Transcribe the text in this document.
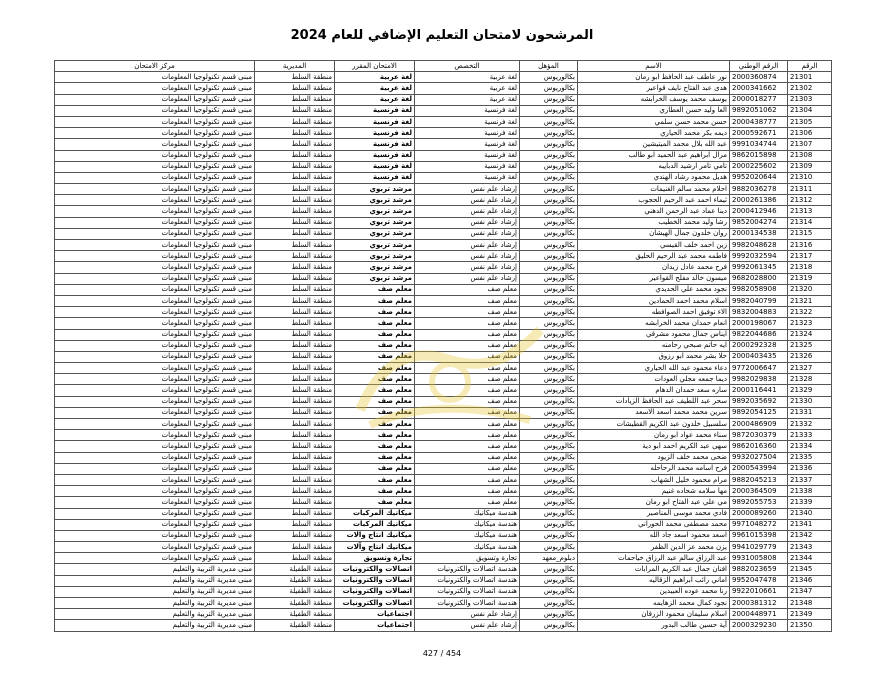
المرشحون لامتحان التعليم الإضافي للعام 2024
الرقم	الرقم الوطني	الاسم	المؤهل	التخصص	الامتحان المقرر	المديرية	مركز الامتحان
21301	2000360874	نور عاطف عبد الحافظ ابو رمان	بكالوريوس	لغة عربية	لغة عربية	منطقة السلط	مبنى قسم تكنولوجيا المعلومات
21302	2000341662	هدى عبد الفتاح نايف قواعير	بكالوريوس	لغة عربية	لغة عربية	منطقة السلط	مبنى قسم تكنولوجيا المعلومات
21303	2000018277	يوسف محمد يوسف الخرابشه	بكالوريوس	لغة عربية	لغة عربية	منطقة السلط	مبنى قسم تكنولوجيا المعلومات
21304	9892051062	العا وليد حسن العطاري	بكالوريوس	لغة فرنسية	لغة فرنسية	منطقة السلط	مبنى قسم تكنولوجيا المعلومات
21305	2000438777	حسن محمد حسن سلمي	بكالوريوس	لغة فرنسية	لغة فرنسية	منطقة السلط	مبنى قسم تكنولوجيا المعلومات
21306	2000592671	ديمه بكر محمد الحياري	بكالوريوس	لغة فرنسية	لغة فرنسية	منطقة السلط	مبنى قسم تكنولوجيا المعلومات
21307	9991034744	عبد الله بلال محمد الميتيشين	بكالوريوس	لغة فرنسية	لغة فرنسية	منطقة السلط	مبنى قسم تكنولوجيا المعلومات
21308	9862015898	مرال ابراهيم عبد الحميد ابو طالب	بكالوريوس	لغة فرنسية	لغة فرنسية	منطقة السلط	مبنى قسم تكنولوجيا المعلومات
21309	2000225602	تامي تامر ارشيد الدبايبه	بكالوريوس	لغة فرنسية	لغة فرنسية	منطقة السلط	مبنى قسم تكنولوجيا المعلومات
21310	9952020644	هديل محمود رشاد الهندي	بكالوريوس	لغة فرنسية	لغة فرنسية	منطقة السلط	مبنى قسم تكنولوجيا المعلومات
21311	9882036278	احلام محمد سالم الغنيمات	بكالوريوس	إرشاد علم نفس	مرشد تربوي	منطقة السلط	مبنى قسم تكنولوجيا المعلومات
21312	2000261386	ثيماء احمد عبد الرحيم الحجوب	بكالوريوس	إرشاد علم نفس	مرشد تربوي	منطقة السلط	مبنى قسم تكنولوجيا المعلومات
21313	2000412946	دينا عماد عبد الرحمن الدهني	بكالوريوس	إرشاد علم نفس	مرشد تربوي	منطقة السلط	مبنى قسم تكنولوجيا المعلومات
21314	9852004274	رشا وليد محمد الخطيب	بكالوريوس	إرشاد علم نفس	مرشد تربوي	منطقة السلط	مبنى قسم تكنولوجيا المعلومات
21315	2000134538	روان خلدون جمال الهيشان	بكالوريوس	إرشاد علم نفس	مرشد تربوي	منطقة السلط	مبنى قسم تكنولوجيا المعلومات
21316	9982048628	زين احمد خلف القيسي	بكالوريوس	إرشاد علم نفس	مرشد تربوي	منطقة السلط	مبنى قسم تكنولوجيا المعلومات
21317	9992032594	فاطمه محمد عبد الرحيم الحليق	بكالوريوس	إرشاد علم نفس	مرشد تربوي	منطقة السلط	مبنى قسم تكنولوجيا المعلومات
21318	9992061345	فرح محمد عادل زيدان	بكالوريوس	إرشاد علم نفس	مرشد تربوي	منطقة السلط	مبنى قسم تكنولوجيا المعلومات
21319	9682028800	ميسون خالد مفلح القواعير	بكالوريوس	إرشاد علم نفس	مرشد تربوي	منطقة السلط	مبنى قسم تكنولوجيا المعلومات
21320	9982058908	نجود محمد علي الحديدي	بكالوريوس	معلم صف	معلم صف	منطقة السلط	مبنى قسم تكنولوجيا المعلومات
21321	9982040799	اسلام محمد احمد الحمادين	بكالوريوس	معلم صف	معلم صف	منطقة السلط	مبنى قسم تكنولوجيا المعلومات
21322	9832004883	الاء توفيق احمد الصوافطه	بكالوريوس	معلم صف	معلم صف	منطقة السلط	مبنى قسم تكنولوجيا المعلومات
21323	2000198067	انعام حمدان محمد الخرابشه	بكالوريوس	معلم صف	معلم صف	منطقة السلط	مبنى قسم تكنولوجيا المعلومات
21324	9822044686	ايناس جمال محمود مشرقي	بكالوريوس	معلم صف	معلم صف	منطقة السلط	مبنى قسم تكنولوجيا المعلومات
21325	2000292328	ايه حاتم صبحي رحامنه	بكالوريوس	معلم صف	معلم صف	منطقة السلط	مبنى قسم تكنولوجيا المعلومات
21326	2000403435	حلا بشر محمد ابو رزوق	بكالوريوس	معلم صف	معلم صف	منطقة السلط	مبنى قسم تكنولوجيا المعلومات
21327	9772006647	دعاء محمود عبد الله الحياري	بكالوريوس	معلم صف	معلم صف	منطقة السلط	مبنى قسم تكنولوجيا المعلومات
21328	9982029838	ديما جمعه مجلي العودات	بكالوريوس	معلم صف	معلم صف	منطقة السلط	مبنى قسم تكنولوجيا المعلومات
21329	2000116441	ساره سعد حمدان الدهام	بكالوريوس	معلم صف	معلم صف	منطقة السلط	مبنى قسم تكنولوجيا المعلومات
21330	9892035692	سحر عبد اللطيف عبد الحافظ الزيادات	بكالوريوس	معلم صف	معلم صف	منطقة السلط	مبنى قسم تكنولوجيا المعلومات
21331	9892054125	سرين محمد محمد اسعد الاسعد	بكالوريوس	معلم صف	معلم صف	منطقة السلط	مبنى قسم تكنولوجيا المعلومات
21332	2000486909	سلسبيل خلدون عبد الكريم القطيشات	بكالوريوس	معلم صف	معلم صف	منطقة السلط	مبنى قسم تكنولوجيا المعلومات
21333	9872030379	سناء محمد عواد ابو رمان	بكالوريوس	معلم صف	معلم صف	منطقة السلط	مبنى قسم تكنولوجيا المعلومات
21334	9862016360	سهى عبد الكريم احمد ابو دية	بكالوريوس	معلم صف	معلم صف	منطقة السلط	مبنى قسم تكنولوجيا المعلومات
21335	9932027504	ضحى محمد خلف الزيود	بكالوريوس	معلم صف	معلم صف	منطقة السلط	مبنى قسم تكنولوجيا المعلومات
21336	2000543994	فرح اسامه محمد الرحاحله	بكالوريوس	معلم صف	معلم صف	منطقة السلط	مبنى قسم تكنولوجيا المعلومات
21337	9882045213	مرام محمود خليل الشهاب	بكالوريوس	معلم صف	معلم صف	منطقة السلط	مبنى قسم تكنولوجيا المعلومات
21338	2000364509	مها سلامه شحاده غنيم	بكالوريوس	معلم صف	معلم صف	منطقة السلط	مبنى قسم تكنولوجيا المعلومات
21339	9892055753	مي علي عبد الفتاح ابو رمان	بكالوريوس	معلم صف	معلم صف	منطقة السلط	مبنى قسم تكنولوجيا المعلومات
21340	2000089260	فادي محمد موسى المناصير	بكالوريوس	هندسة ميكانيك	ميكانيك المركبات	منطقة السلط	مبنى قسم تكنولوجيا المعلومات
21341	9971048272	محمد مصطفى محمد الحوراني	بكالوريوس	هندسة ميكانيك	ميكانيك المركبات	منطقة السلط	مبنى قسم تكنولوجيا المعلومات
21342	9961015398	اسعد محمود اسعد جاد الله	بكالوريوس	هندسة ميكانيك	ميكانيك انتاج وآلات	منطقة السلط	مبنى قسم تكنولوجيا المعلومات
21343	9941029779	يزن محمد عز الدين الظفر	بكالوريوس	هندسة ميكانيك	ميكانيك انتاج وآلات	منطقة السلط	مبنى قسم تكنولوجيا المعلومات
21344	9931005808	عبد الرزاق سالم عبد الرزاق خياحمات	دبلوم_معهد	تجارة وتسويق	تجارة وتسويق	منطقة السلط	مبنى قسم تكنولوجيا المعلومات
21345	9882023659	افنان جمال عبد الكريم المرابات	بكالوريوس	هندسة اتصالات والكترونيات	اتصالات والكترونيات	منطقة الطفيلة	مبنى مديرية التربية والتعليم
21346	9952047478	اماني رائب ابراهيم الزقاليه	بكالوريوس	هندسة اتصالات والكترونيات	اتصالات والكترونيات	منطقة الطفيلة	مبنى مديرية التربية والتعليم
21347	9922010661	رنا محمد عوده العبيدين	بكالوريوس	هندسة اتصالات والكترونيات	اتصالات والكترونيات	منطقة الطفيلة	مبنى مديرية التربية والتعليم
21348	2000381312	نجود كمال محمد الزهايمه	بكالوريوس	هندسة اتصالات والكترونيات	اتصالات والكترونيات	منطقة الطفيلة	مبنى مديرية التربية والتعليم
21349	2000448971	اسلام سليمان محمود الزرقان	بكالوريوس	إرشاد علم نفس	اجتماعيات	منطقة الطفيلة	مبنى مديرية التربية والتعليم
21350	2000329230	آية حسين طالب البدور	بكالوريوس	إرشاد علم نفس	اجتماعيات	منطقة الطفيلة	مبنى مديرية التربية والتعليم
427 / 454
